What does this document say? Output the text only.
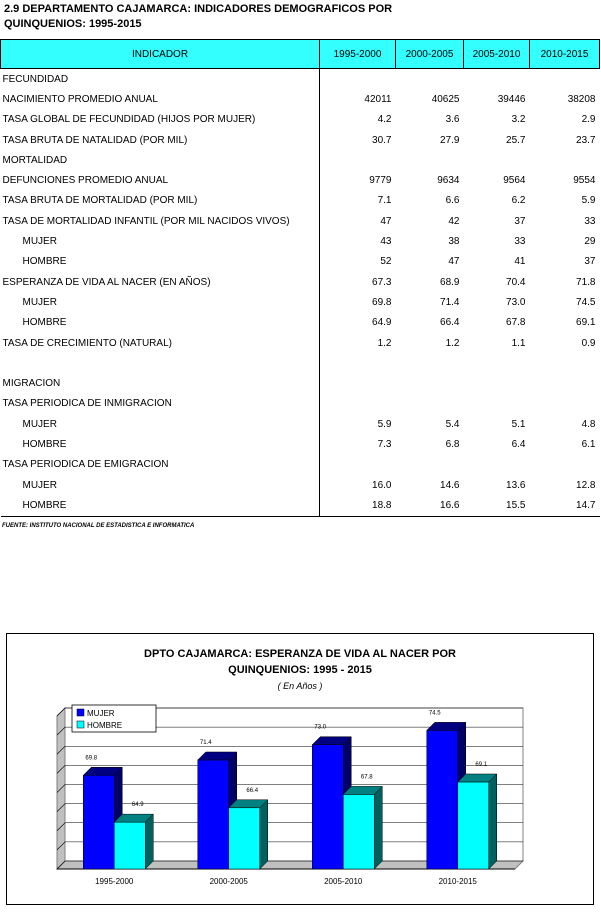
2.9 DEPARTAMENTO CAJAMARCA: INDICADORES DEMOGRAFICOS POR
QUINQUENIOS: 1995-2015
INDICADOR	1995-2000	2000-2005	2005-2010	2010-2015
FECUNDIDAD				
NACIMIENTO PROMEDIO ANUAL	42011	40625	39446	38208
TASA GLOBAL DE FECUNDIDAD (HIJOS POR MUJER)	4.2	3.6	3.2	2.9
TASA BRUTA DE NATALIDAD (POR MIL)	30.7	27.9	25.7	23.7
MORTALIDAD				
DEFUNCIONES PROMEDIO ANUAL	9779	9634	9564	9554
TASA BRUTA DE MORTALIDAD (POR MIL)	7.1	6.6	6.2	5.9
TASA DE MORTALIDAD INFANTIL (POR MIL NACIDOS VIVOS)	47	42	37	33
MUJER	43	38	33	29
HOMBRE	52	47	41	37
ESPERANZA DE VIDA AL NACER (EN AÑOS)	67.3	68.9	70.4	71.8
MUJER	69.8	71.4	73.0	74.5
HOMBRE	64.9	66.4	67.8	69.1
TASA DE CRECIMIENTO (NATURAL)	1.2	1.2	1.1	0.9

MIGRACION				
TASA PERIODICA DE INMIGRACION				
MUJER	5.9	5.4	5.1	4.8
HOMBRE	7.3	6.8	6.4	6.1
TASA PERIODICA DE EMIGRACION				
MUJER	16.0	14.6	13.6	12.8
HOMBRE	18.8	16.6	15.5	14.7
FUENTE: INSTITUTO NACIONAL DE ESTADISTICA E INFORMATICA
DPTO CAJAMARCA: ESPERANZA DE VIDA AL NACER POR
QUINQUENIOS: 1995 - 2015
( En Años )
69.8
64.9
1995-2000
71.4
66.4
2000-2005
73.0
67.8
2005-2010
74.5
69.1
2010-2015
MUJER
HOMBRE
